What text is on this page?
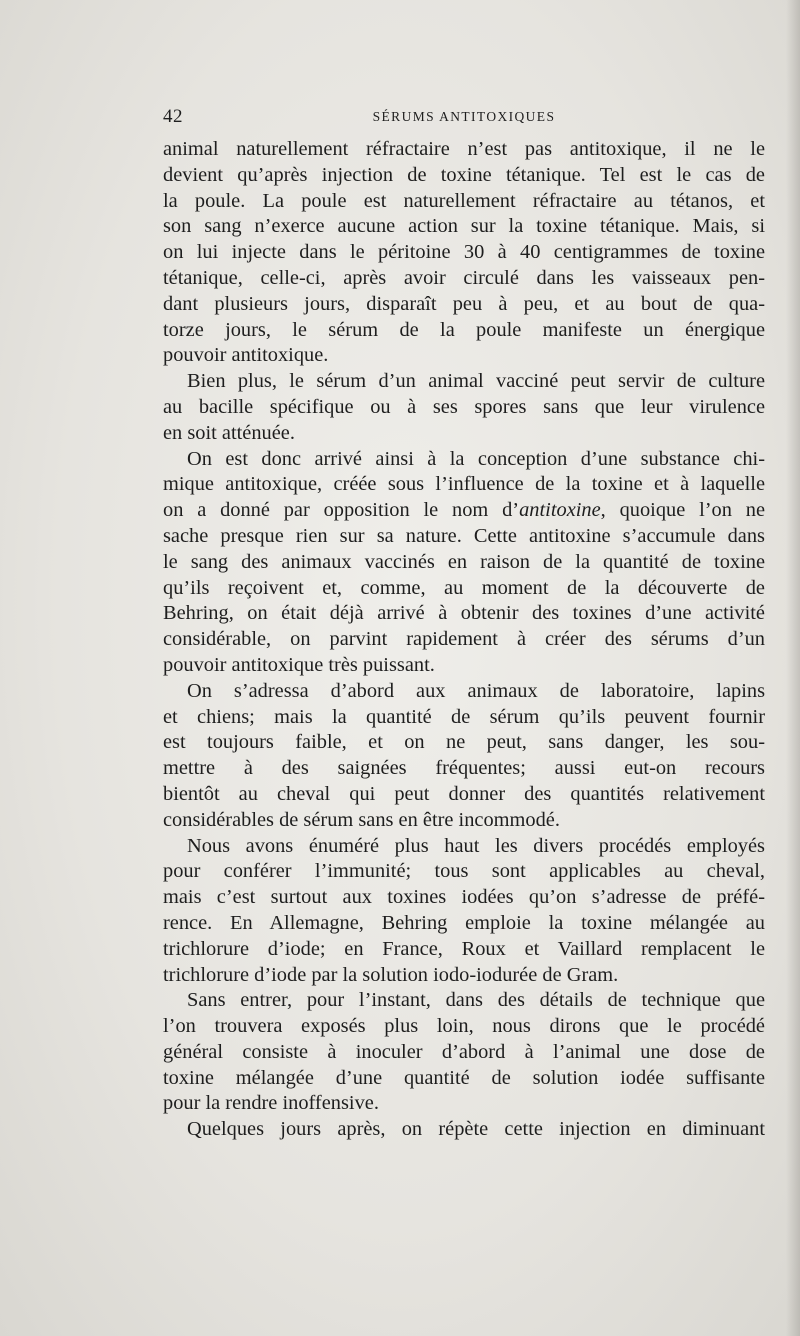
42	SÉRUMS ANTITOXIQUES
animal naturellement réfractaire n’est pas antitoxique, il ne le
devient qu’après injection de toxine tétanique. Tel est le cas de
la poule. La poule est naturellement réfractaire au tétanos, et
son sang n’exerce aucune action sur la toxine tétanique. Mais, si
on lui injecte dans le péritoine 30 à 40 centigrammes de toxine
tétanique, celle-ci, après avoir circulé dans les vaisseaux pen-
dant plusieurs jours, disparaît peu à peu, et au bout de qua-
torze jours, le sérum de la poule manifeste un énergique
pouvoir antitoxique.
Bien plus, le sérum d’un animal vacciné peut servir de culture
au bacille spécifique ou à ses spores sans que leur virulence
en soit atténuée.
On est donc arrivé ainsi à la conception d’une substance chi-
mique antitoxique, créée sous l’influence de la toxine et à laquelle
on a donné par opposition le nom d’antitoxine, quoique l’on ne
sache presque rien sur sa nature. Cette antitoxine s’accumule dans
le sang des animaux vaccinés en raison de la quantité de toxine
qu’ils reçoivent et, comme, au moment de la découverte de
Behring, on était déjà arrivé à obtenir des toxines d’une activité
considérable, on parvint rapidement à créer des sérums d’un
pouvoir antitoxique très puissant.
On s’adressa d’abord aux animaux de laboratoire, lapins
et chiens; mais la quantité de sérum qu’ils peuvent fournir
est toujours faible, et on ne peut, sans danger, les sou-
mettre à des saignées fréquentes; aussi eut-on recours
bientôt au cheval qui peut donner des quantités relativement
considérables de sérum sans en être incommodé.
Nous avons énuméré plus haut les divers procédés employés
pour conférer l’immunité; tous sont applicables au cheval,
mais c’est surtout aux toxines iodées qu’on s’adresse de préfé-
rence. En Allemagne, Behring emploie la toxine mélangée au
trichlorure d’iode; en France, Roux et Vaillard remplacent le
trichlorure d’iode par la solution iodo-iodurée de Gram.
Sans entrer, pour l’instant, dans des détails de technique que
l’on trouvera exposés plus loin, nous dirons que le procédé
général consiste à inoculer d’abord à l’animal une dose de
toxine mélangée d’une quantité de solution iodée suffisante
pour la rendre inoffensive.
Quelques jours après, on répète cette injection en diminuant
